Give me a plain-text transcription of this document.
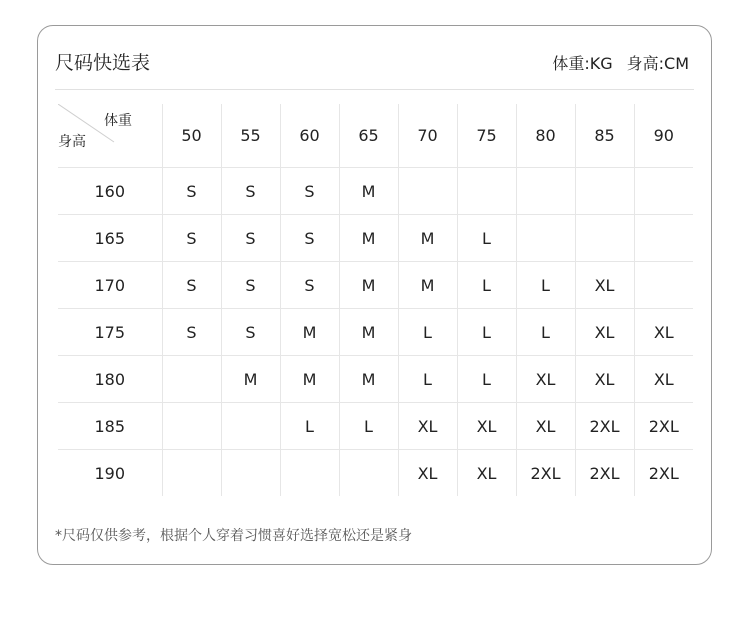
尺码快选表	体重:KG 身高:CM
体重
身高	50	55	60	65	70	75	80	85	90
160	S	S	S	M					
165	S	S	S	M	M	L			
170	S	S	S	M	M	L	L	XL	
175	S	S	M	M	L	L	L	XL	XL
180		M	M	M	L	L	XL	XL	XL
185			L	L	XL	XL	XL	2XL	2XL
190					XL	XL	2XL	2XL	2XL
*尺码仅供参考，根据个人穿着习惯喜好选择宽松还是紧身
